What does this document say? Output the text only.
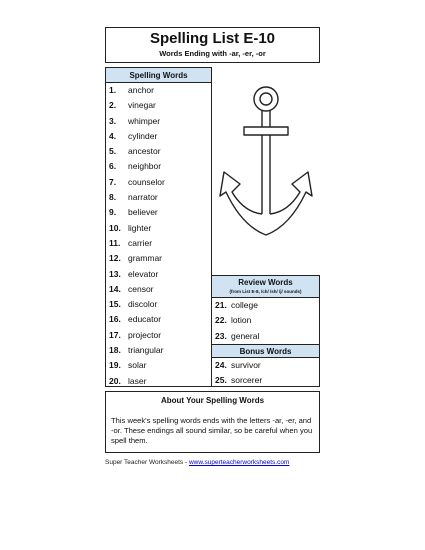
Spelling List E-10
Words Ending with -ar, -er, -or
Spelling Words
1. anchor
2. vinegar
3. whimper
4. cylinder
5. ancestor
6. neighbor
7. counselor
8. narrator
9. believer
10. lighter
11. carrier
12. grammar
13. elevator
14. censor
15. discolor
16. educator
17. projector
18. triangular
19. solar
20. laser
Review Words
(from List E-8, /ch/ /sh/ /j/ sounds)
21. college
22. lotion
23. general
Bonus Words
24. survivor
25. sorcerer
About Your Spelling Words
This week's spelling words ends with the letters -ar, -er, and -or. These endings all sound similar, so be careful when you spell them.
Super Teacher Worksheets - www.superteacherworksheets.com
